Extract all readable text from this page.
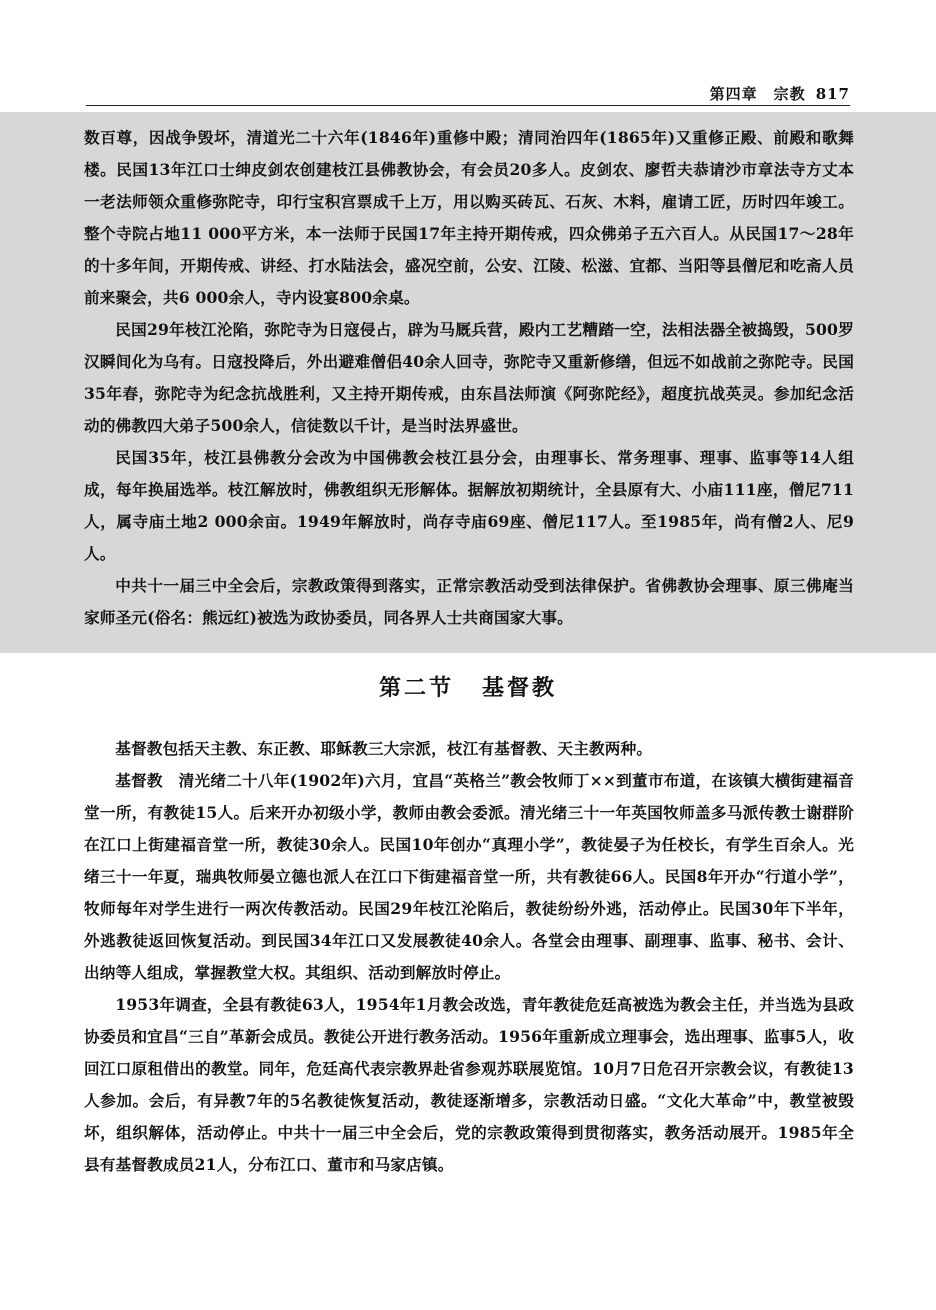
第四章　宗教 817

数百尊，因战争毁坏，清道光二十六年(1846年)重修中殿；清同治四年(1865年)又重修正殿、前殿和歌舞楼。民国13年江口士绅皮剑农创建枝江县佛教协会，有会员20多人。皮剑农、廖哲夫恭请沙市章法寺方丈本一老法师领众重修弥陀寺，印行宝积宫票成千上万，用以购买砖瓦、石灰、木料，雇请工匠，历时四年竣工。整个寺院占地11 000平方米，本一法师于民国17年主持开期传戒，四众佛弟子五六百人。从民国17～28年的十多年间，开期传戒、讲经、打水陆法会，盛况空前，公安、江陵、松滋、宜都、当阳等县僧尼和吃斋人员前来聚会，共6 000余人，寺内设宴800余桌。

民国29年枝江沦陷，弥陀寺为日寇侵占，辟为马厩兵营，殿内工艺糟踏一空，法相法器全被捣毁，500罗汉瞬间化为乌有。日寇投降后，外出避难僧侣40余人回寺，弥陀寺又重新修缮，但远不如战前之弥陀寺。民国35年春，弥陀寺为纪念抗战胜利，又主持开期传戒，由东昌法师演《阿弥陀经》，超度抗战英灵。参加纪念活动的佛教四大弟子500余人，信徒数以千计，是当时法界盛世。

民国35年，枝江县佛教分会改为中国佛教会枝江县分会，由理事长、常务理事、理事、监事等14人组成，每年换届选举。枝江解放时，佛教组织无形解体。据解放初期统计，全县原有大、小庙111座，僧尼711人，属寺庙土地2 000余亩。1949年解放时，尚存寺庙69座、僧尼117人。至1985年，尚有僧2人、尼9人。

中共十一届三中全会后，宗教政策得到落实，正常宗教活动受到法律保护。省佛教协会理事、原三佛庵当家师圣元(俗名：熊远红)被选为政协委员，同各界人士共商国家大事。

第二节 基督教

基督教包括天主教、东正教、耶稣教三大宗派，枝江有基督教、天主教两种。

基督教　清光绪二十八年(1902年)六月，宜昌“英格兰”教会牧师丁××到董市布道，在该镇大横街建福音堂一所，有教徒15人。后来开办初级小学，教师由教会委派。清光绪三十一年英国牧师盖多马派传教士谢群阶在江口上街建福音堂一所，教徒30余人。民国10年创办“真理小学”，教徒晏子为任校长，有学生百余人。光绪三十一年夏，瑞典牧师晏立德也派人在江口下街建福音堂一所，共有教徒66人。民国8年开办“行道小学”，牧师每年对学生进行一两次传教活动。民国29年枝江沦陷后，教徒纷纷外逃，活动停止。民国30年下半年，外逃教徒返回恢复活动。到民国34年江口又发展教徒40余人。各堂会由理事、副理事、监事、秘书、会计、出纳等人组成，掌握教堂大权。其组织、活动到解放时停止。

1953年调查，全县有教徒63人，1954年1月教会改选，青年教徒危廷高被选为教会主任，并当选为县政协委员和宜昌“三自”革新会成员。教徒公开进行教务活动。1956年重新成立理事会，选出理事、监事5人，收回江口原租借出的教堂。同年，危廷高代表宗教界赴省参观苏联展览馆。10月7日危召开宗教会议，有教徒13人参加。会后，有异教7年的5名教徒恢复活动，教徒逐渐增多，宗教活动日盛。“文化大革命”中，教堂被毁坏，组织解体，活动停止。中共十一届三中全会后，党的宗教政策得到贯彻落实，教务活动展开。1985年全县有基督教成员21人，分布江口、董市和马家店镇。
